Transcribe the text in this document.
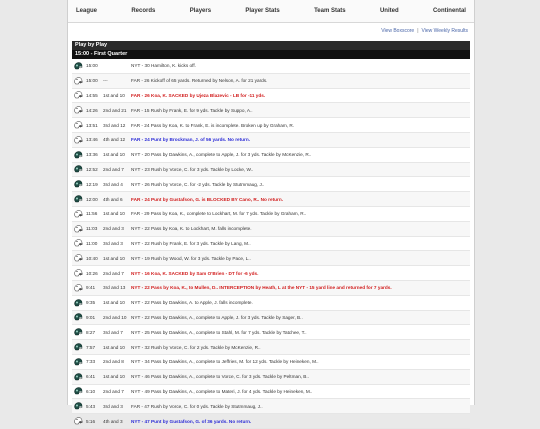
League	Records	Players	Player Stats	Team Stats	United	Continental
View Boxscore | View Weekly Results
Play by Play
15:00 - First Quarter
15:00	NYT - 30 Hamilton, K. kicks off.
15:00	---	FAR - 26 Kickoff of 65 yards. Returned by Nelson, A. for 21 yards.
14:55	1st and 10	FAR - 26 Koa, K. SACKED by Ujeza Blazevic - LB for -11 yds.
14:26	2nd and 21 FAR - 15 Rush by Frank, E. for 9 yds. Tackle by Suppo, A..
13:51	3rd and 12	FAR - 24 Pass by Koa, K. to Frank, E. is incomplete. Broken up by Graham, R.
13:46	4th and 12	FAR - 24 Punt by Brockman, J. of 56 yards. No return.
13:36	1st and 10	NYT - 20 Pass by Dawkins, A., complete to Apple, J. for 3 yds. Tackle by McKenzie, R..
12:52	2nd and 7	NYT - 23 Rush by Vorce, C. for 3 yds. Tackle by Locke, W..
12:19	3rd and 4	NYT - 26 Rush by Vorce, C. for -2 yds. Tackle by Stutmmaug, J..
12:00	4th and 6	FAR - 24 Punt by Gustafson, G. is BLOCKED BY Cano, R.. No return.
11:56	1st and 10	FAR - 29 Pass by Koa, K., complete to Lockhart, M. for 7 yds. Tackle by Graham, R..
11:03	2nd and 3	NYT - 22 Pass by Koa, K. to Lockhart, M. falls incomplete.
11:00	3rd and 3	NYT - 22 Rush by Frank, E. for 3 yds. Tackle by Lang, M..
10:40	1st and 10	NYT - 19 Rush by Wood, W. for 3 yds. Tackle by Pace, L..
10:26	2nd and 7	NYT - 16 Koa, K. SACKED by Sam O'Brien - DT for -6 yds.
9:41	3rd and 13	NYT - 22 Pass by Koa, K., to Mullen, D.. INTERCEPTION by Heath, L at the NYT - 15 yard line and returned for 7 yards.
9:35	1st and 10	NYT - 22 Pass by Dawkins, A. to Apple, J. falls incomplete.
9:01	2nd and 10 NYT - 22 Pass by Dawkins, A., complete to Apple, J. for 3 yds. Tackle by Sager, B..
8:27	3rd and 7	NYT - 25 Pass by Dawkins, A., complete to Stahl, M. for 7 yds. Tackle by Tatchee, T..
7:57	1st and 10	NYT - 32 Rush by Vorce, C. for 2 yds. Tackle by McKenzie, R..
7:33	2nd and 8	NYT - 34 Pass by Dawkins, A., complete to Jeffries, M. for 12 yds. Tackle by Heineken, M..
6:41	1st and 10	NYT - 46 Pass by Dawkins, A., complete to Vorce, C. for 3 yds. Tackle by Peltman, B..
6:10	2nd and 7	NYT - 49 Pass by Dawkins, A., complete to Materi, J. for 4 yds. Tackle by Heineken, M..
5:43	3rd and 3	FAR - 47 Rush by Vorce, C. for 0 yds. Tackle by Stutmmaug, J..
5:16	4th and 3	NYT - 47 Punt by Gustafson, G. of 36 yards. No return.
